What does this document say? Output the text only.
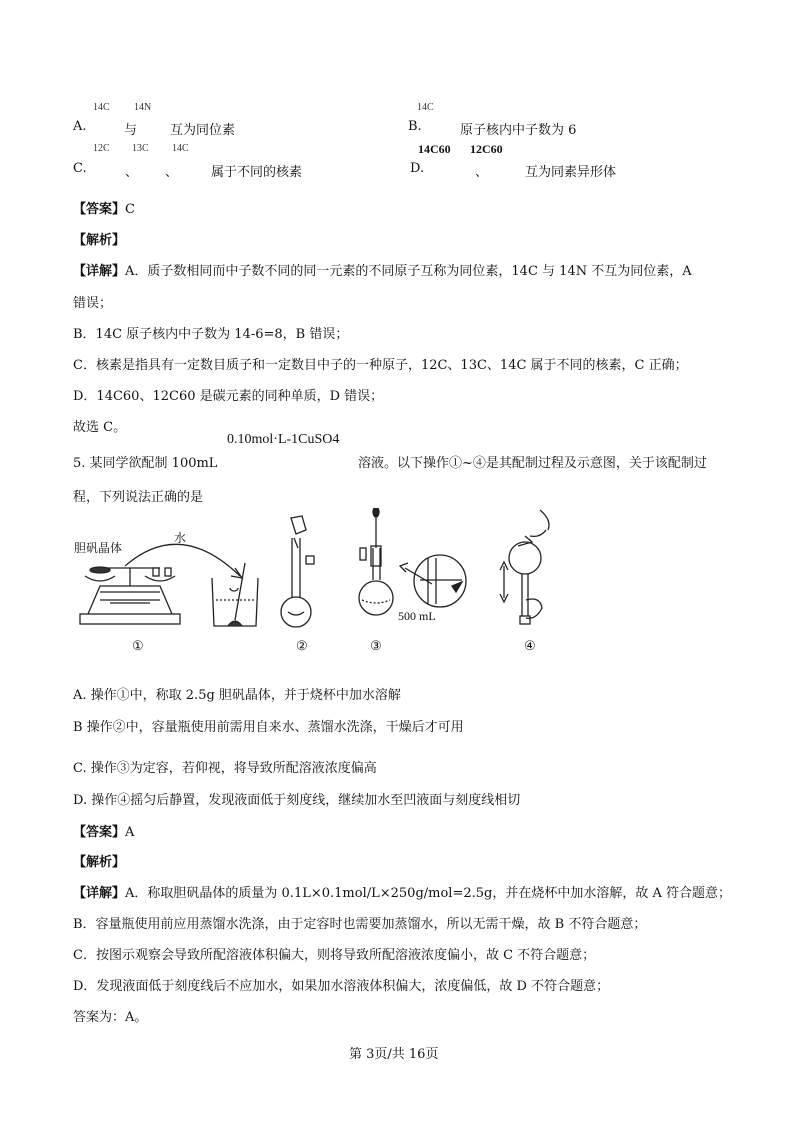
A.
14C
与
14N
互为同位素	B.
14C
原子核内中子数为 6
C.
12C
、
13C
、
14C
属于不同的核素	D.
14C60
、
12C60
互为同素异形体
【答案】C
【解析】
【详解】A．质子数相同而中子数不同的同一元素的不同原子互称为同位素，14C 与 14N 不互为同位素，A
错误；
B．14C 原子核内中子数为 14-6=8，B 错误；
C．核素是指具有一定数目质子和一定数目中子的一种原子，12C、13C、14C 属于不同的核素，C 正确；
D．14C60、12C60 是碳元素的同种单质，D 错误；
故选 C。
5. 某同学欲配制 100mL
0.10mol·L-1CuSO4
溶液。以下操作①~④是其配制过程及示意图，关于该配制过
程，下列说法正确的是
胆矾晶体
水
500 mL
①	②	③	④
A. 操作①中，称取 2.5g 胆矾晶体，并于烧杯中加水溶解
B 操作②中，容量瓶使用前需用自来水、蒸馏水洗涤，干燥后才可用
C. 操作③为定容，若仰视，将导致所配溶液浓度偏高
D. 操作④摇匀后静置，发现液面低于刻度线，继续加水至凹液面与刻度线相切
【答案】A
【解析】
【详解】A．称取胆矾晶体的质量为 0.1L×0.1mol/L×250g/mol=2.5g，并在烧杯中加水溶解，故 A 符合题意；
B．容量瓶使用前应用蒸馏水洗涤，由于定容时也需要加蒸馏水，所以无需干燥，故 B 不符合题意；
C．按图示观察会导致所配溶液体积偏大，则将导致所配溶液浓度偏小，故 C 不符合题意；
D．发现液面低于刻度线后不应加水，如果加水溶液体积偏大，浓度偏低，故 D 不符合题意；
答案为：A。
第 3页/共 16页
